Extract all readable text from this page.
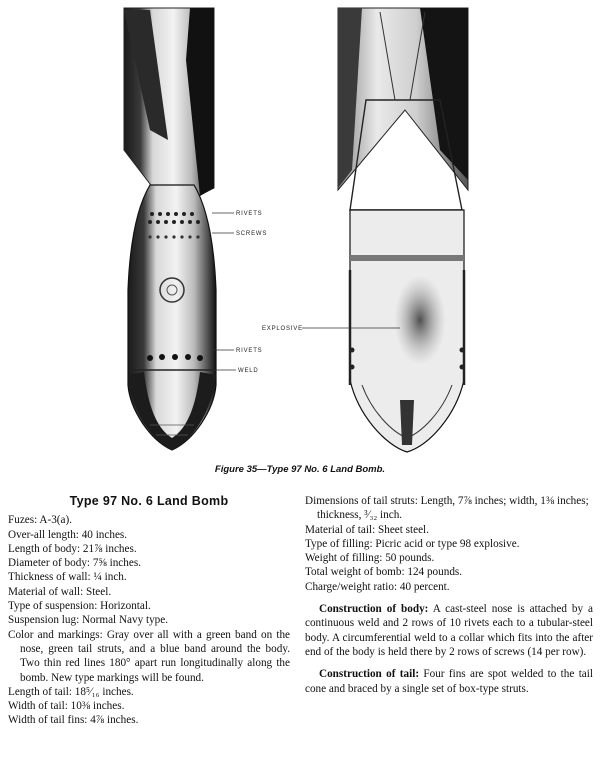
RIVETS
SCREWS
EXPLOSIVE
RIVETS
WELD
Figure 35—Type 97 No. 6 Land Bomb.
Type 97 No. 6 Land Bomb

Fuzes: A-3(a).

Over-all length: 40 inches.

Length of body: 21⅞ inches.

Diameter of body: 7⅝ inches.

Thickness of wall: ¼ inch.

Material of wall: Steel.

Type of suspension: Horizontal.

Suspension lug: Normal Navy type.

Color and markings: Gray over all with a green band on the nose, green tail struts, and a blue band around the body. Two thin red lines 180° apart run longitudinally along the bomb. New type markings will be found.

Length of tail: 18⁵⁄₁₆ inches.

Width of tail: 10⅜ inches.

Width of tail fins: 4⅞ inches.

Dimensions of tail struts: Length, 7⅞ inches; width, 1⅜ inches; thickness, ³⁄₃₂ inch.

Material of tail: Sheet steel.

Type of filling: Picric acid or type 98 explosive.

Weight of filling: 50 pounds.

Total weight of bomb: 124 pounds.

Charge/weight ratio: 40 percent.

Construction of body: A cast-steel nose is attached by a continuous weld and 2 rows of 10 rivets each to a tubular-steel body. A circumferential weld to a collar which fits into the after end of the body is held there by 2 rows of screws (14 per row).

Construction of tail: Four fins are spot welded to the tail cone and braced by a single set of box-type struts.
